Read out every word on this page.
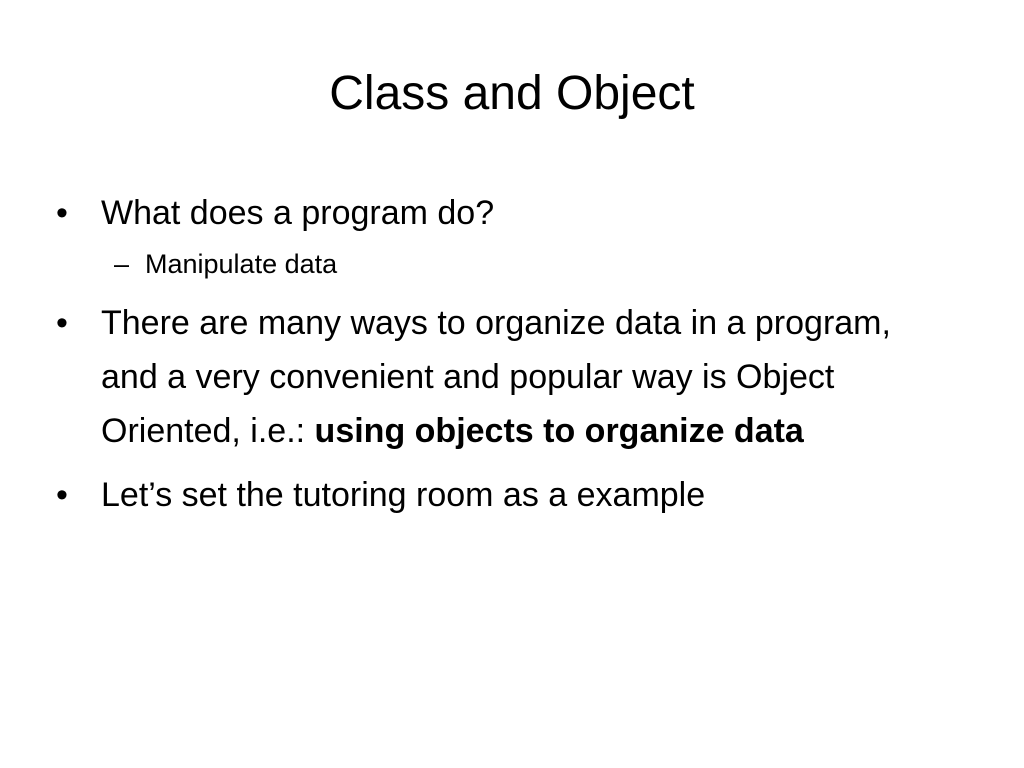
Class and Object
• What does a program do?
– Manipulate data
• There are many ways to organize data in a program, and a very convenient and popular way is Object Oriented, i.e.: using objects to organize data
• Let’s set the tutoring room as a example
